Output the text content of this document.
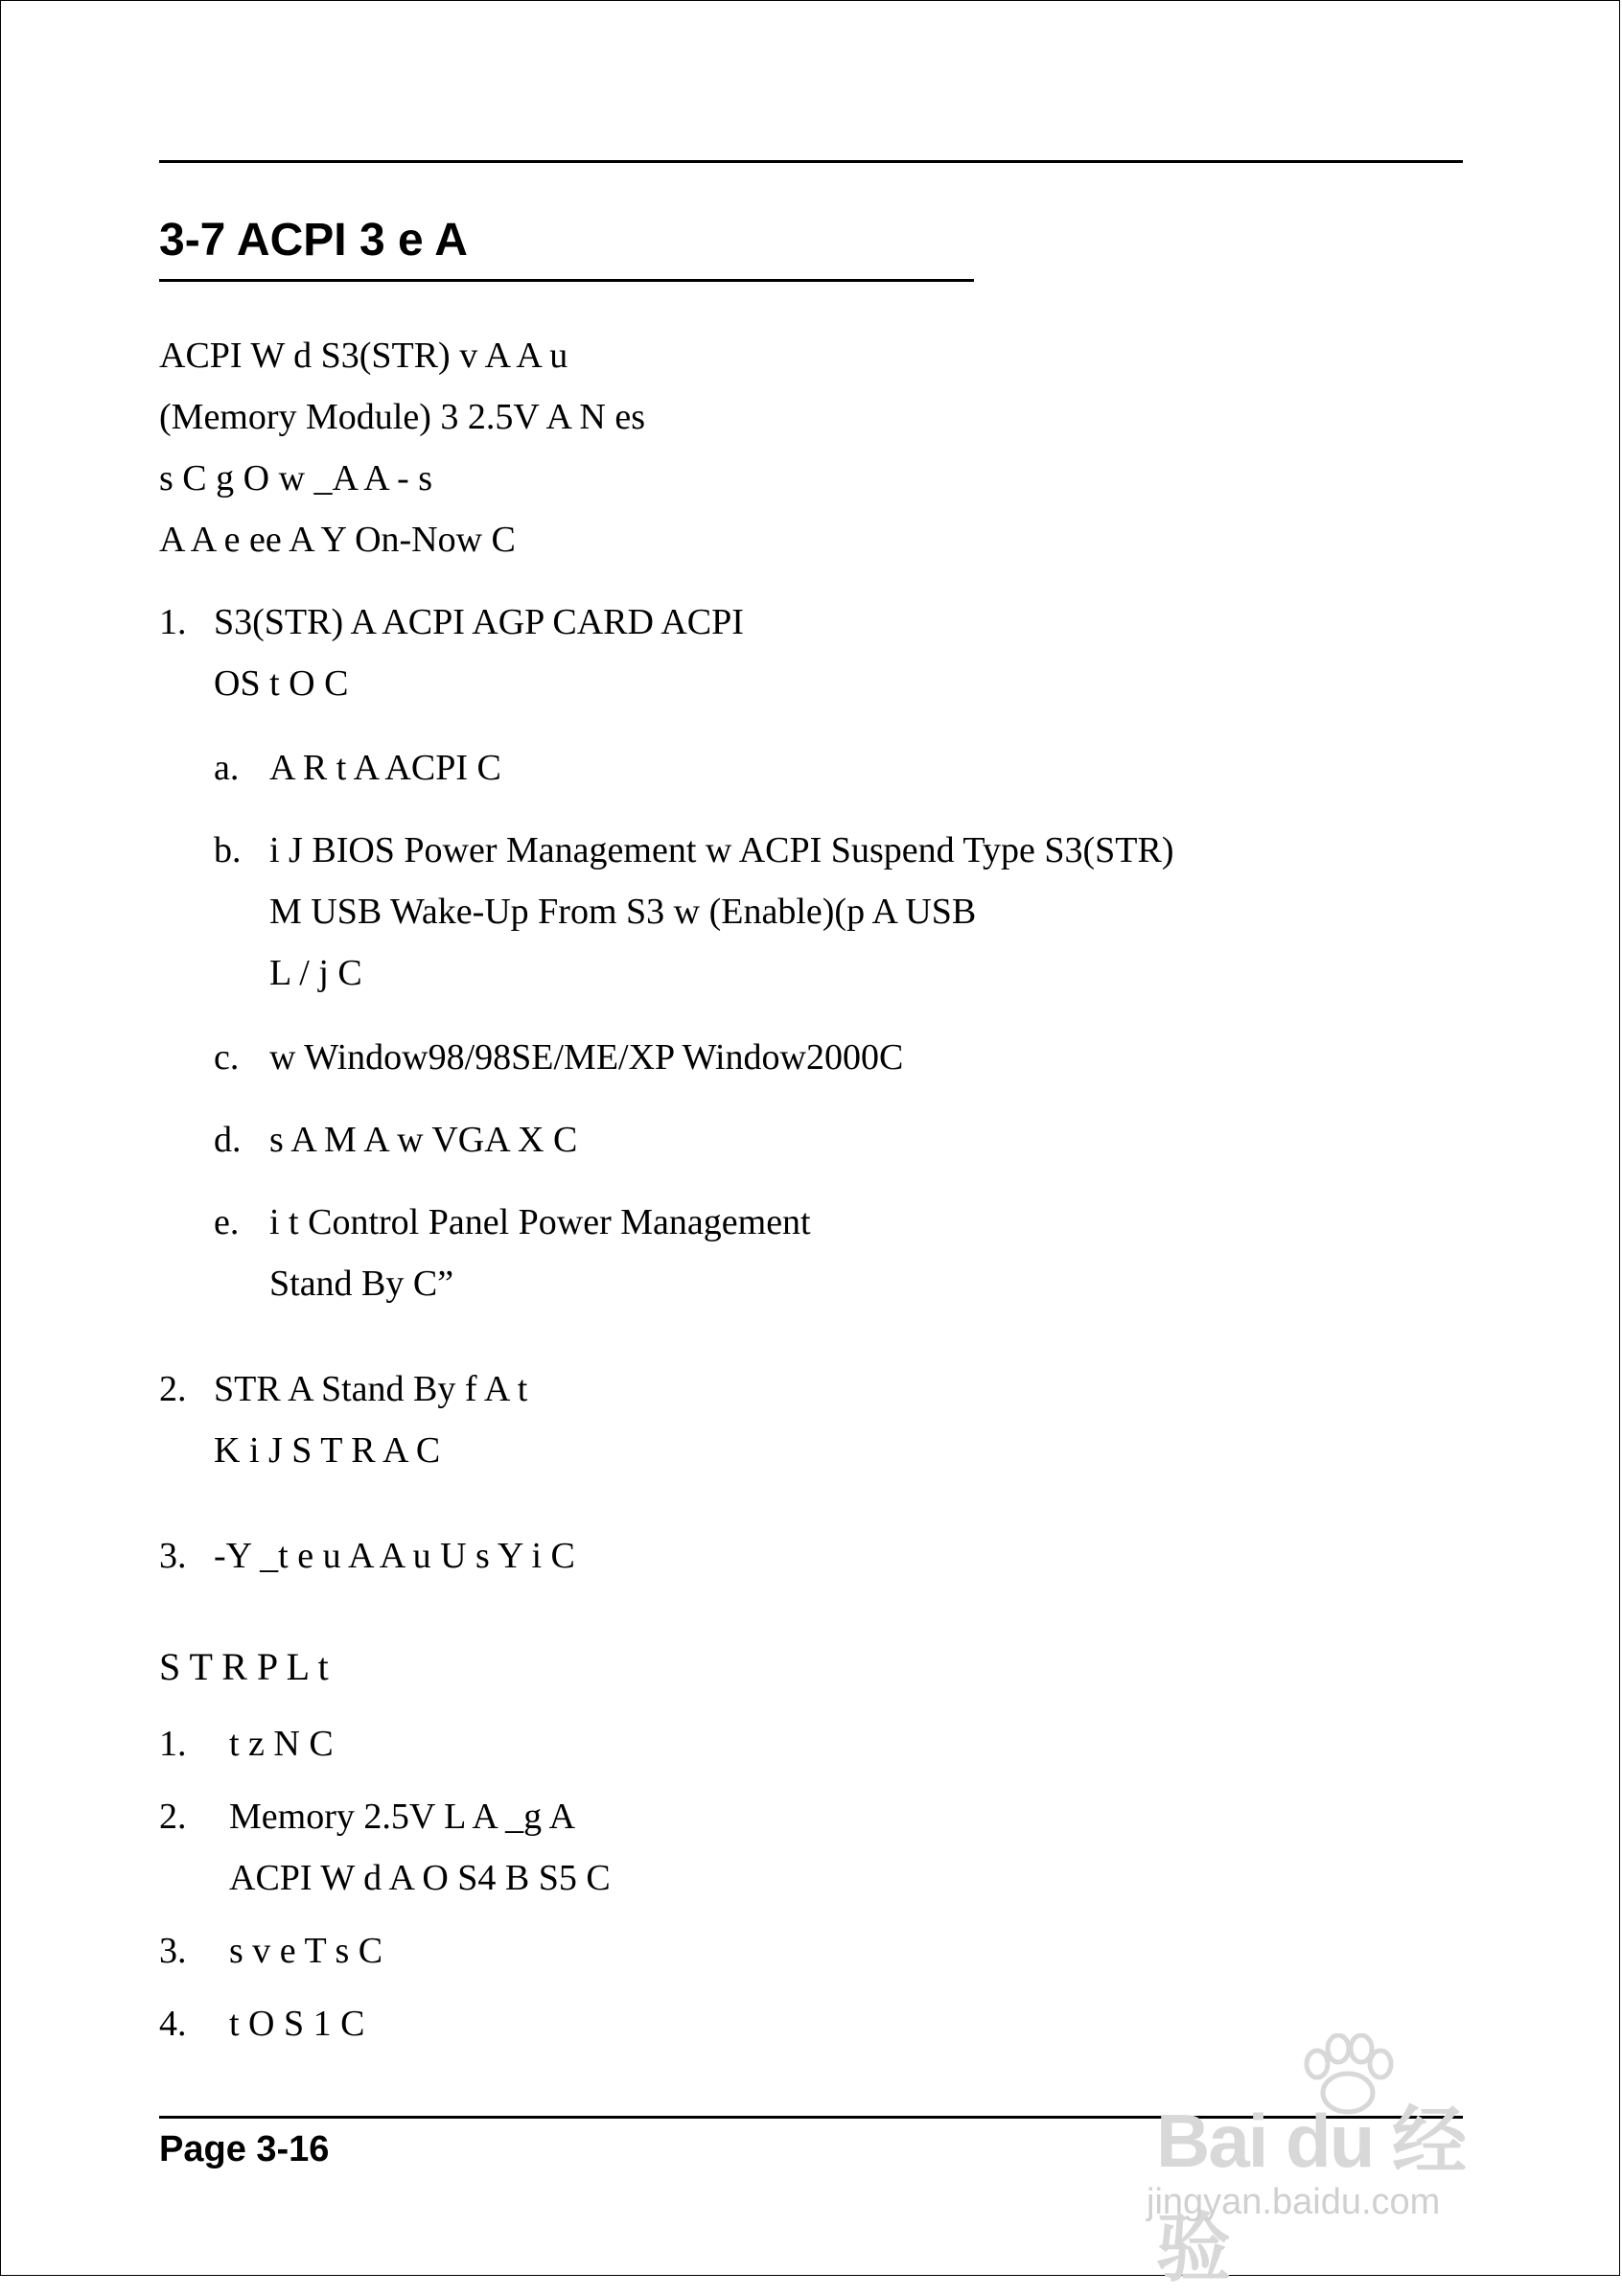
3-7 ACPI 3 e A
ACPI W d S3(STR) v A A u
(Memory Module) 3 2.5V A N es
s C g O w _A A - s
A A e ee A Y On-Now C
1. S3(STR) A ACPI AGP CARD ACPI
OS t O C
a. A R t A ACPI C
b. i J BIOS Power Management w ACPI Suspend Type S3(STR)
M USB Wake-Up From S3 w (Enable)(p A USB
L / j C
c. w Window98/98SE/ME/XP Window2000C
d. s A M A w VGA X C
e. i t Control Panel Power Management
Stand By C”
2. STR A Stand By f A t
K i J S T R A C
3. -Y _t e u A A u U s Y i C
S T R P L t
1. t z N C
2. Memory 2.5V L A _g A
ACPI W d A O S4 B S5 C
3. s v e T s C
4. t O S 1 C
Page 3-16	Bai du 经验
jingyan.baidu.com
